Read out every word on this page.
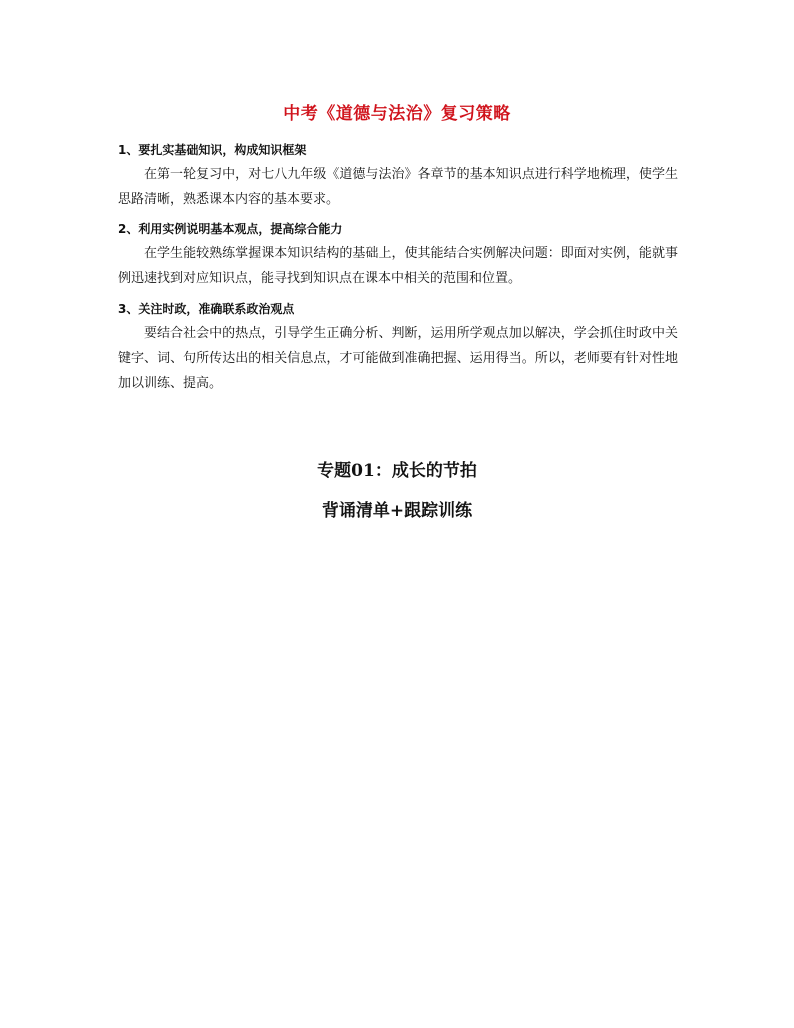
中考《道德与法治》复习策略
1、要扎实基础知识，构成知识框架
在第一轮复习中，对七八九年级《道德与法治》各章节的基本知识点进行科学地梳理，使学生思路清晰，熟悉课本内容的基本要求。
2、利用实例说明基本观点，提高综合能力
在学生能较熟练掌握课本知识结构的基础上，使其能结合实例解决问题：即面对实例，能就事例迅速找到对应知识点，能寻找到知识点在课本中相关的范围和位置。
3、关注时政，准确联系政治观点
要结合社会中的热点，引导学生正确分析、判断，运用所学观点加以解决，学会抓住时政中关键字、词、句所传达出的相关信息点，才可能做到准确把握、运用得当。所以，老师要有针对性地加以训练、提高。
专题01：成长的节拍
背诵清单+跟踪训练
